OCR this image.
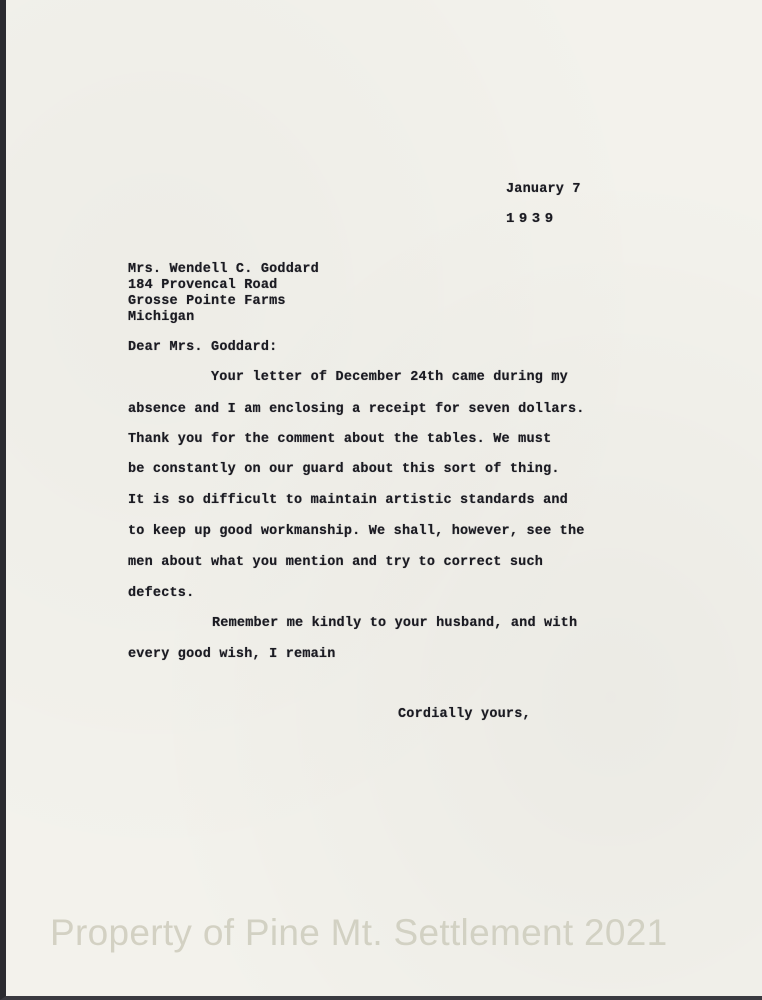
January 7
1939
Mrs. Wendell C. Goddard
184 Provencal Road
Grosse Pointe Farms
Michigan
Dear Mrs. Goddard:
Your letter of December 24th came during my
absence and I am enclosing a receipt for seven dollars.
Thank you for the comment about the tables. We must
be constantly on our guard about this sort of thing.
It is so difficult to maintain artistic standards and
to keep up good workmanship. We shall, however, see the
men about what you mention and try to correct such
defects.
Remember me kindly to your husband, and with
every good wish, I remain
Cordially yours,
Property of Pine Mt. Settlement 2021
